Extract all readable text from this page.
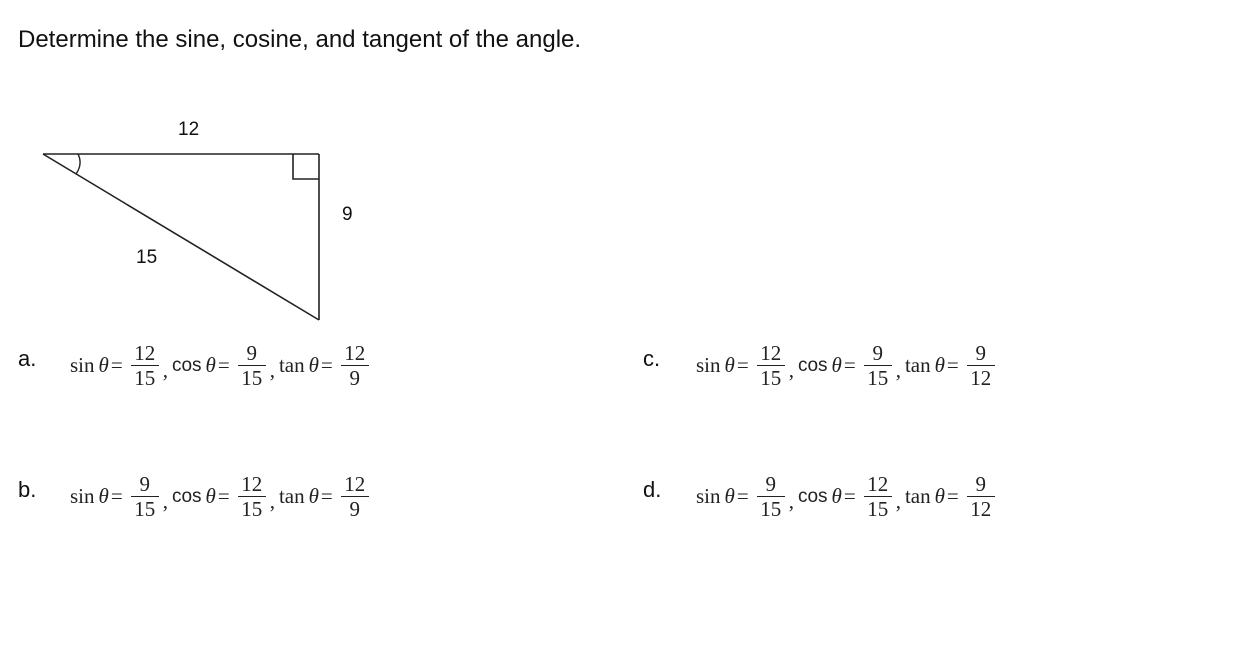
Determine the sine, cosine, and tangent of the angle.
12
9
15
a.
b.
c.
d.
$\sin \theta = \frac{12}{15}$ , $\cos \theta = \frac{9}{15}$ , $\tan \theta = \frac{12}{9}$
$\sin \theta = \frac{9}{15}$ , $\cos \theta = \frac{12}{15}$ , $\tan \theta = \frac{12}{9}$
$\sin \theta = \frac{12}{15}$ , $\cos \theta = \frac{9}{15}$ , $\tan \theta = \frac{9}{12}$
$\sin \theta = \frac{9}{15}$ , $\cos \theta = \frac{12}{15}$ , $\tan \theta = \frac{9}{12}$
